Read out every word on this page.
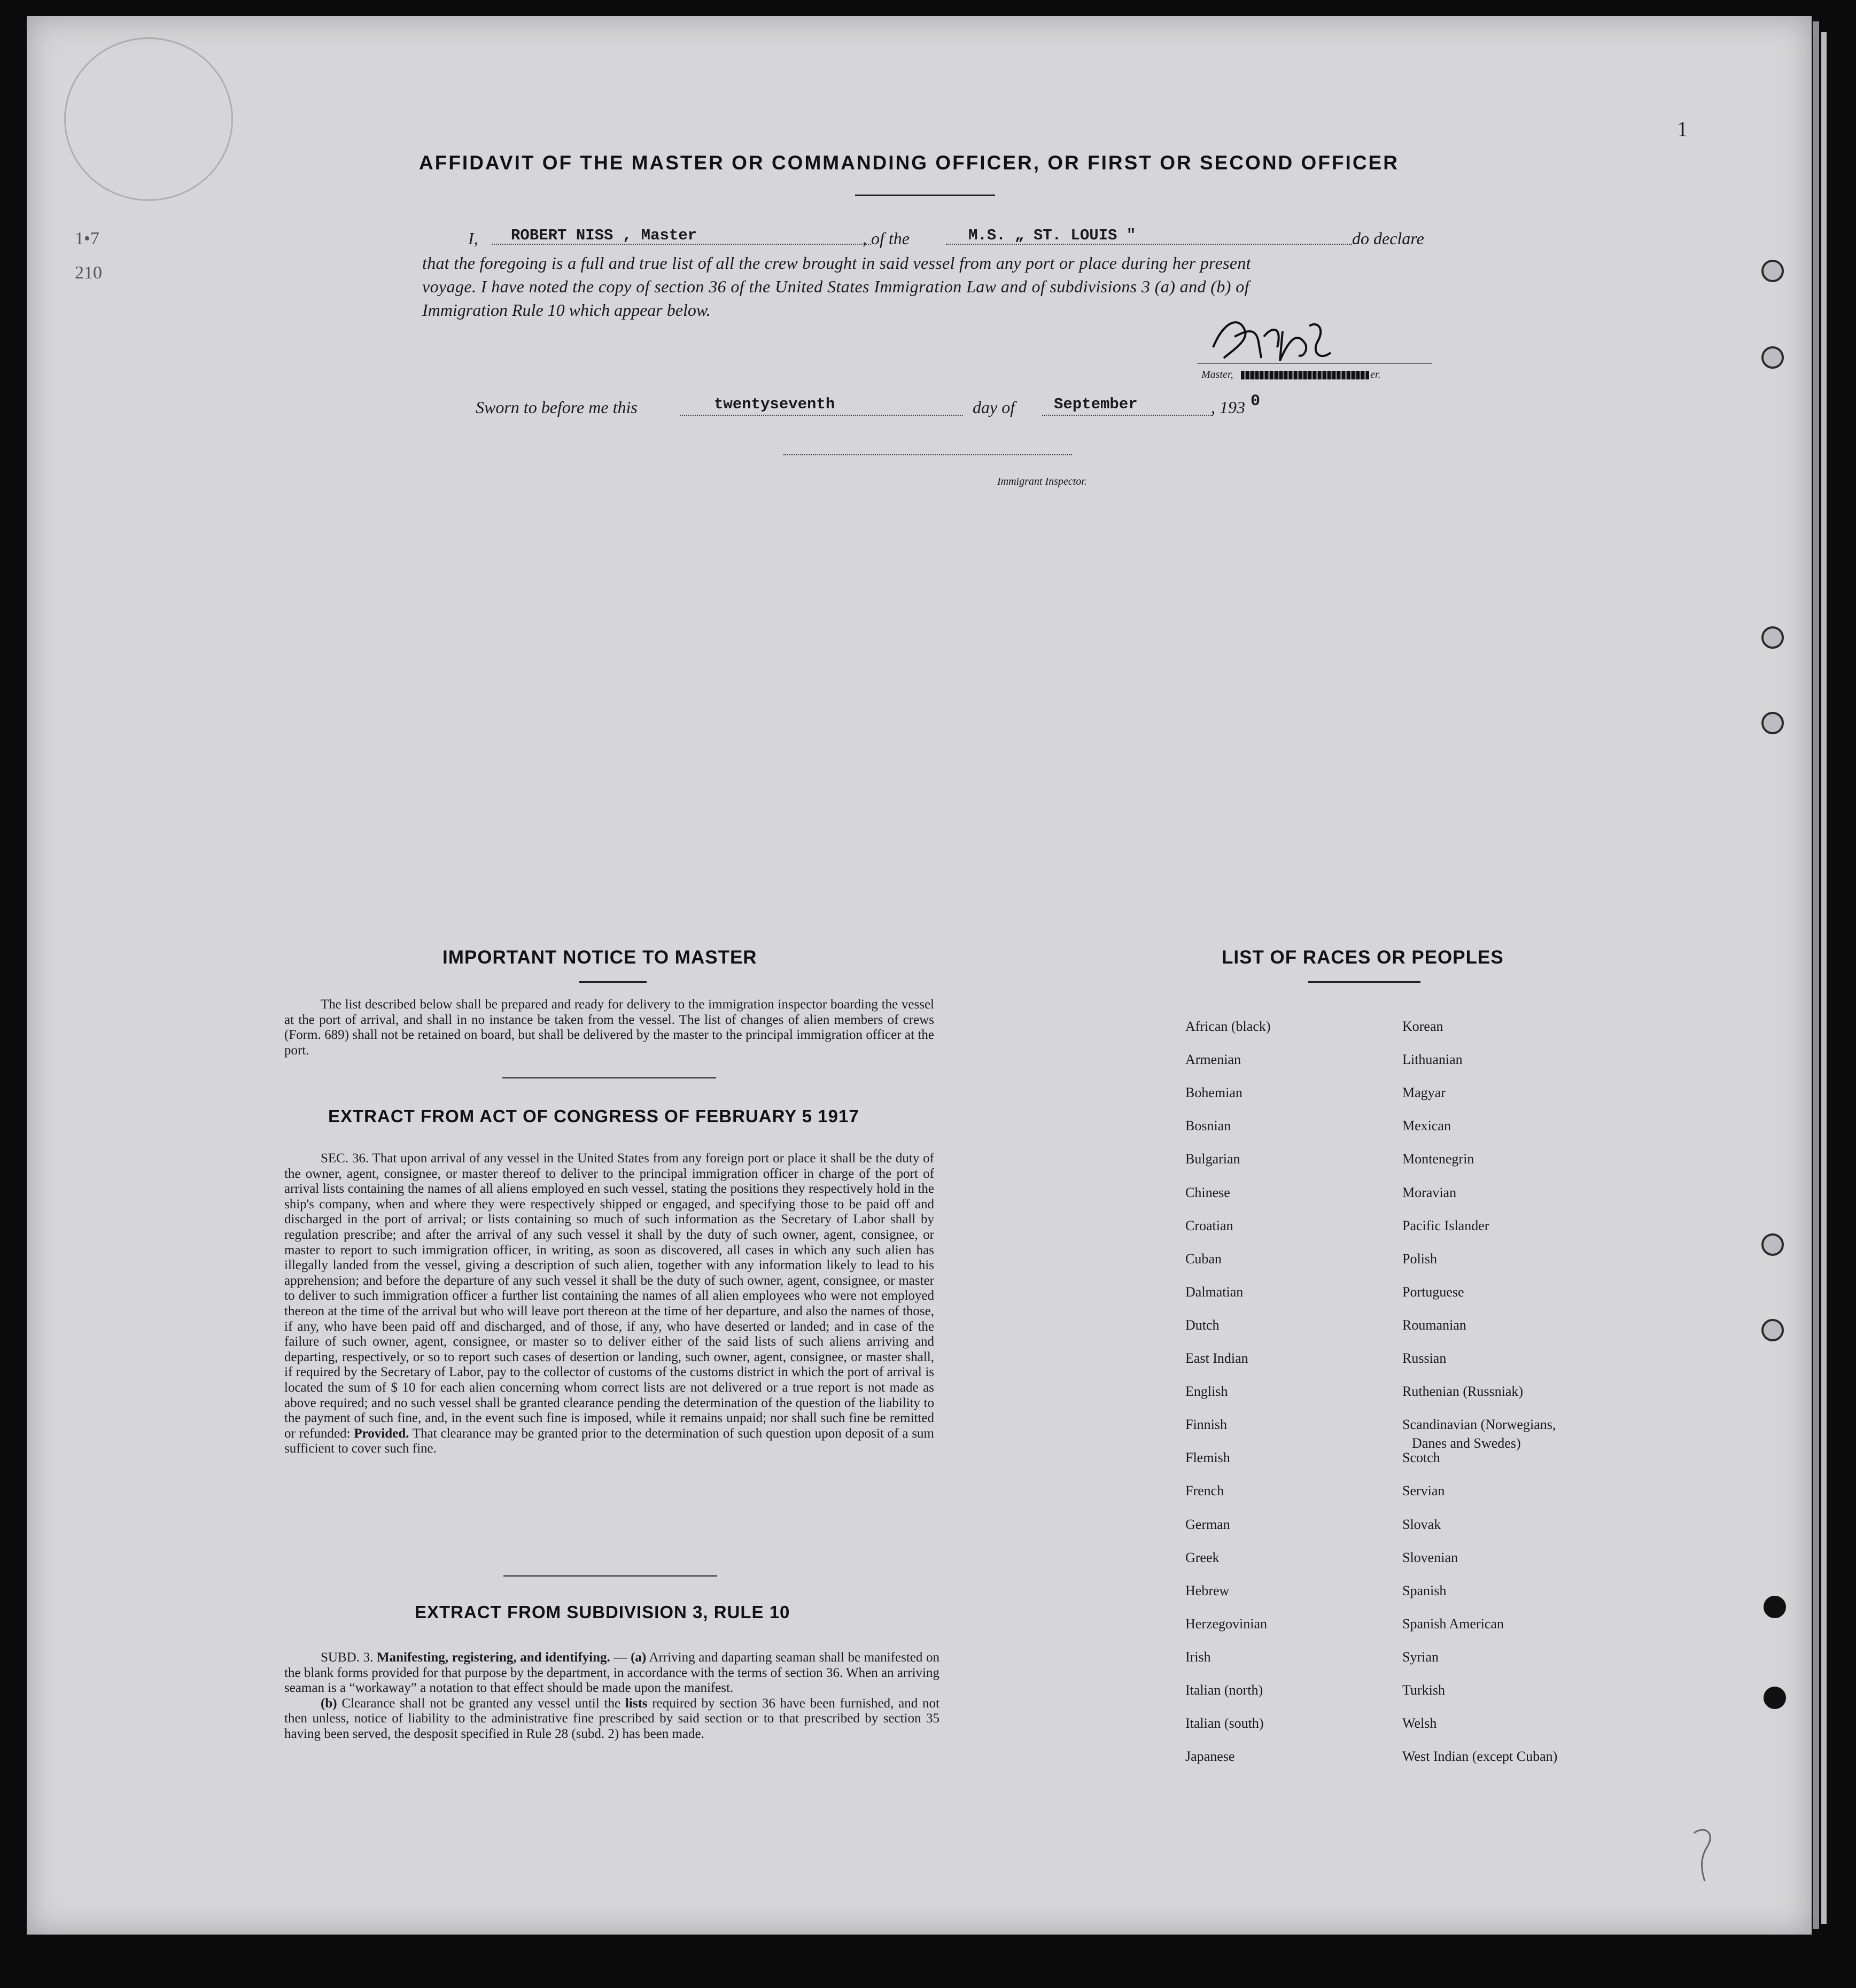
1
1•7
210
AFFIDAVIT OF THE MASTER OR COMMANDING OFFICER, OR FIRST OR SECOND OFFICER
I, ROBERT NISS , Master	, of the	M.S. „ ST. LOUIS "	do declare
that the foregoing is a full and true list of all the crew brought in said vessel from any port or place during her present
voyage. I have noted the copy of section 36 of the United States Immigration Law and of subdivisions 3 (a) and (b) of
Immigration Rule 10 which appear below.
Master,	er.
Sworn to before me this	twentyseventh	day of	September	, 193 0
Immigrant Inspector.
IMPORTANT NOTICE TO MASTER

The list described below shall be prepared and ready for delivery to the immigration inspector boarding the vessel at the port of arrival, and shall in no instance be taken from the vessel. The list of changes of alien members of crews (Form. 689) shall not be retained on board, but shall be delivered by the master to the principal immigration officer at the port.

EXTRACT FROM ACT OF CONGRESS OF FEBRUARY 5 1917

SEC. 36. That upon arrival of any vessel in the United States from any foreign port or place it shall be the duty of the owner, agent, consignee, or master thereof to deliver to the principal immigration officer in charge of the port of arrival lists containing the names of all aliens employed en such vessel, stating the positions they respectively hold in the ship's company, when and where they were respectively shipped or engaged, and specifying those to be paid off and discharged in the port of arrival; or lists containing so much of such information as the Secretary of Labor shall by regulation prescribe; and after the arrival of any such vessel it shall by the duty of such owner, agent, consignee, or master to report to such immigration officer, in writing, as soon as discovered, all cases in which any such alien has illegally landed from the vessel, giving a description of such alien, together with any information likely to lead to his apprehension; and before the departure of any such vessel it shall be the duty of such owner, agent, consignee, or master to deliver to such immigration officer a further list containing the names of all alien employees who were not employed thereon at the time of the arrival but who will leave port thereon at the time of her departure, and also the names of those, if any, who have been paid off and discharged, and of those, if any, who have deserted or landed; and in case of the failure of such owner, agent, consignee, or master so to deliver either of the said lists of such aliens arriving and departing, respectively, or so to report such cases of desertion or landing, such owner, agent, consignee, or master shall, if required by the Secretary of Labor, pay to the collector of customs of the customs district in which the port of arrival is located the sum of $ 10 for each alien concerning whom correct lists are not delivered or a true report is not made as above required; and no such vessel shall be granted clearance pending the determination of the question of the liability to the payment of such fine, and, in the event such fine is imposed, while it remains unpaid; nor shall such fine be remitted or refunded: Provided. That clearance may be granted prior to the determination of such question upon deposit of a sum sufficient to cover such fine.

EXTRACT FROM SUBDIVISION 3, RULE 10

SUBD. 3. Manifesting, registering, and identifying. — (a) Arriving and daparting seaman shall be manifested on the blank forms provided for that purpose by the department, in accordance with the terms of section 36. When an arriving seaman is a “workaway” a notation to that effect should be made upon the manifest.

(b) Clearance shall not be granted any vessel until the lists required by section 36 have been furnished, and not then unless, notice of liability to the administrative fine prescribed by said section or to that prescribed by section 35 having been served, the desposit specified in Rule 28 (subd. 2) has been made.

LIST OF RACES OR PEOPLES
African (black)
Armenian
Bohemian
Bosnian
Bulgarian
Chinese
Croatian
Cuban
Dalmatian
Dutch
East Indian
English
Finnish
Flemish
French
German
Greek
Hebrew
Herzegovinian
Irish
Italian (north)
Italian (south)
Japanese
Korean
Lithuanian
Magyar
Mexican
Montenegrin
Moravian
Pacific Islander
Polish
Portuguese
Roumanian
Russian
Ruthenian (Russniak)
Scandinavian (Norwegians,
Scotch
Servian
Slovak
Slovenian
Spanish
Spanish American
Syrian
Turkish
Welsh
West Indian (except Cuban)
Danes and Swedes)
